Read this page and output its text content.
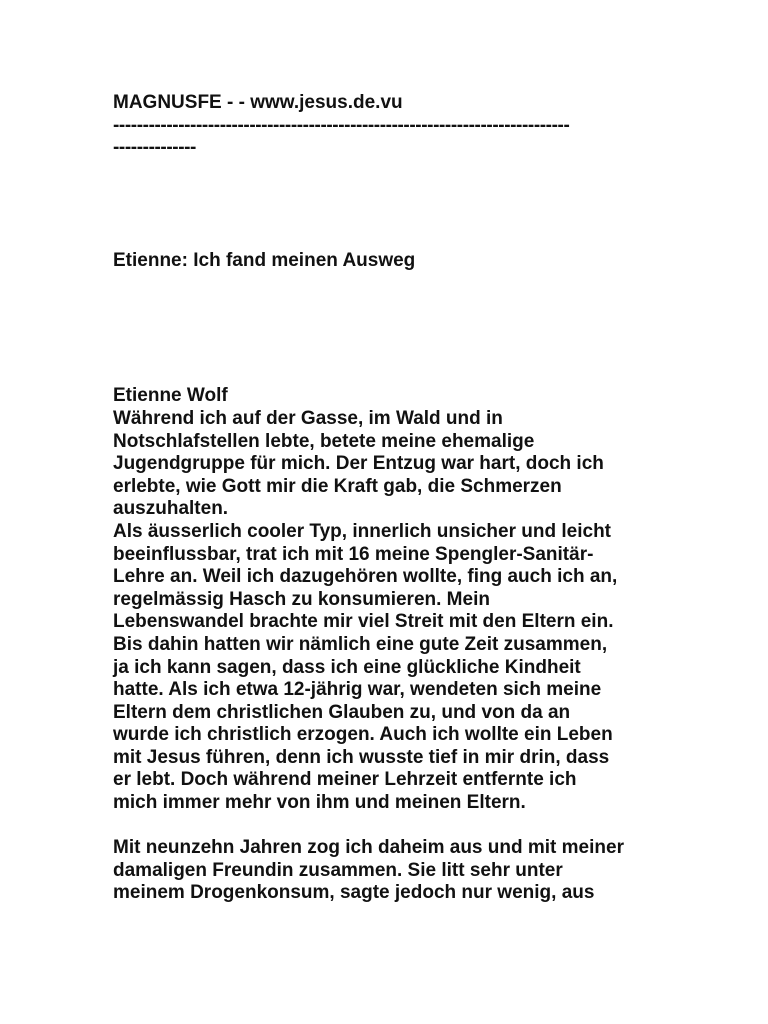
MAGNUSFE - - www.jesus.de.vu
-----------------------------------------------------------------------------
--------------
Etienne: Ich fand meinen Ausweg
Etienne Wolf
Während ich auf der Gasse, im Wald und in
Notschlafstellen lebte, betete meine ehemalige
Jugendgruppe für mich. Der Entzug war hart, doch ich
erlebte, wie Gott mir die Kraft gab, die Schmerzen
auszuhalten.
Als äusserlich cooler Typ, innerlich unsicher und leicht
beeinflussbar, trat ich mit 16 meine Spengler-Sanitär-
Lehre an. Weil ich dazugehören wollte, fing auch ich an,
regelmässig Hasch zu konsumieren. Mein
Lebenswandel brachte mir viel Streit mit den Eltern ein.
Bis dahin hatten wir nämlich eine gute Zeit zusammen,
ja ich kann sagen, dass ich eine glückliche Kindheit
hatte. Als ich etwa 12-jährig war, wendeten sich meine
Eltern dem christlichen Glauben zu, und von da an
wurde ich christlich erzogen. Auch ich wollte ein Leben
mit Jesus führen, denn ich wusste tief in mir drin, dass
er lebt. Doch während meiner Lehrzeit entfernte ich
mich immer mehr von ihm und meinen Eltern.
Mit neunzehn Jahren zog ich daheim aus und mit meiner
damaligen Freundin zusammen. Sie litt sehr unter
meinem Drogenkonsum, sagte jedoch nur wenig, aus
